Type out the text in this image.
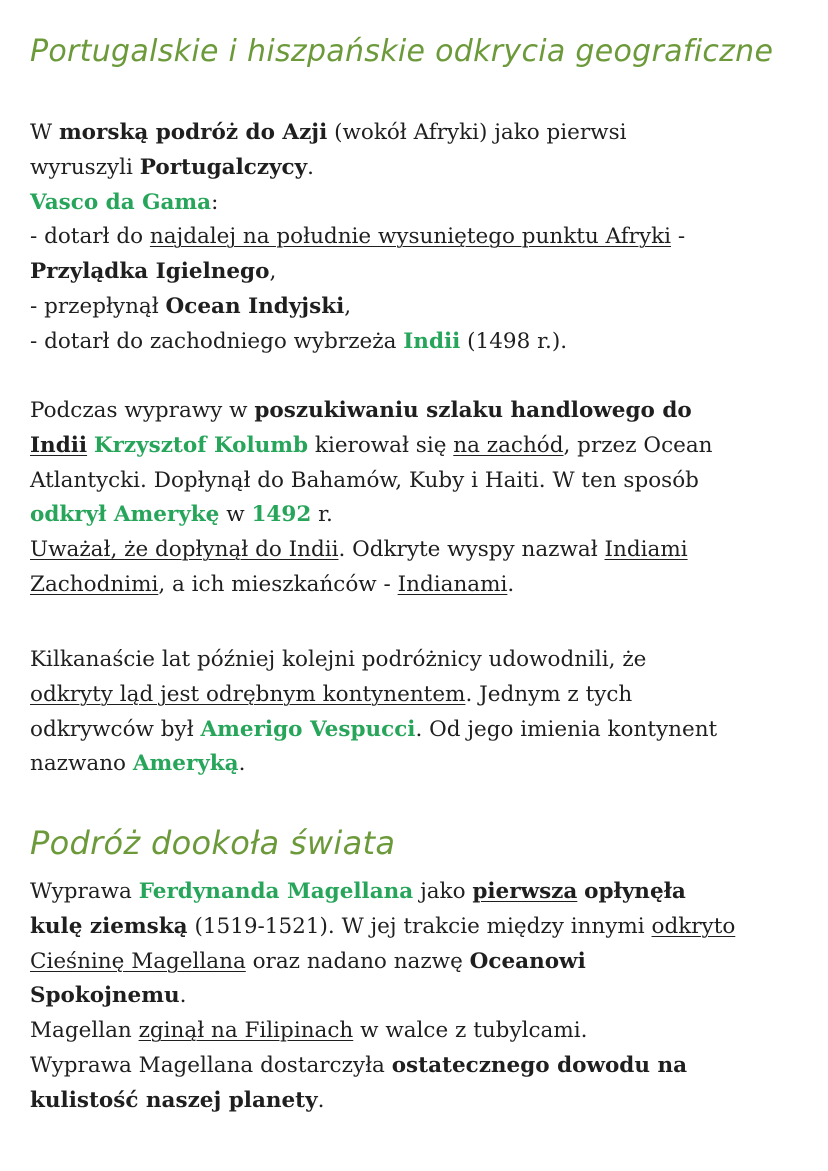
Portugalskie i hiszpańskie odkrycia geograficzne
W morską podróż do Azji (wokół Afryki) jako pierwsi
wyruszyli Portugalczycy.
Vasco da Gama:
- dotarł do najdalej na południe wysuniętego punktu Afryki -
Przylądka Igielnego,
- przepłynął Ocean Indyjski,
- dotarł do zachodniego wybrzeża Indii (1498 r.).
Podczas wyprawy w poszukiwaniu szlaku handlowego do
Indii Krzysztof Kolumb kierował się na zachód, przez Ocean
Atlantycki. Dopłynął do Bahamów, Kuby i Haiti. W ten sposób
odkrył Amerykę w 1492 r.
Uważał, że dopłynął do Indii. Odkryte wyspy nazwał Indiami
Zachodnimi, a ich mieszkańców - Indianami.
Kilkanaście lat później kolejni podróżnicy udowodnili, że
odkryty ląd jest odrębnym kontynentem. Jednym z tych
odkrywców był Amerigo Vespucci. Od jego imienia kontynent
nazwano Ameryką.
Podróż dookoła świata
Wyprawa Ferdynanda Magellana jako pierwsza opłynęła
kulę ziemską (1519-1521). W jej trakcie między innymi odkryto
Cieśninę Magellana oraz nadano nazwę Oceanowi
Spokojnemu.
Magellan zginął na Filipinach w walce z tubylcami.
Wyprawa Magellana dostarczyła ostatecznego dowodu na
kulistość naszej planety.
